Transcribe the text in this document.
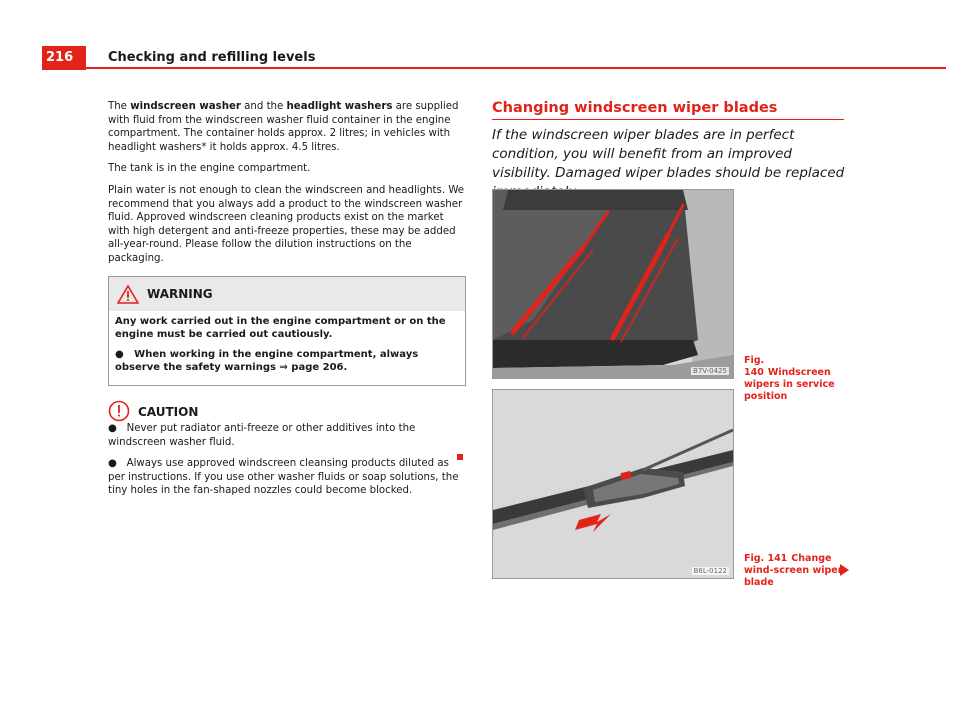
216	Checking and refilling levels

The windscreen washer and the headlight washers are supplied with fluid from the windscreen washer fluid container in the engine compartment. The container holds approx. 2 litres; in vehicles with headlight washers* it holds approx. 4.5 litres.

The tank is in the engine compartment.

Plain water is not enough to clean the windscreen and headlights. We recommend that you always add a product to the windscreen washer fluid. Approved windscreen cleaning products exist on the market with high detergent and anti-freeze properties, these may be added all-year-round. Please follow the dilution instructions on the packaging.

WARNING

Any work carried out in the engine compartment or on the engine must be carried out cautiously.

●   When working in the engine compartment, always observe the safety warnings ⇒ page 206.

CAUTION

●   Never put radiator anti-freeze or other additives into the windscreen washer fluid.

●   Always use approved windscreen cleansing products diluted as per instructions. If you use other washer fluids or soap solutions, the tiny holes in the fan-shaped nozzles could become blocked.

Changing windscreen wiper blades
If the windscreen wiper blades are in perfect condition, you will benefit from an improved visibility. Damaged wiper blades should be replaced
B7V-0425
Fig. 140 Windscreen wipers in service position
B6L-0122
Fig. 141 Change wind-screen wiper blade
